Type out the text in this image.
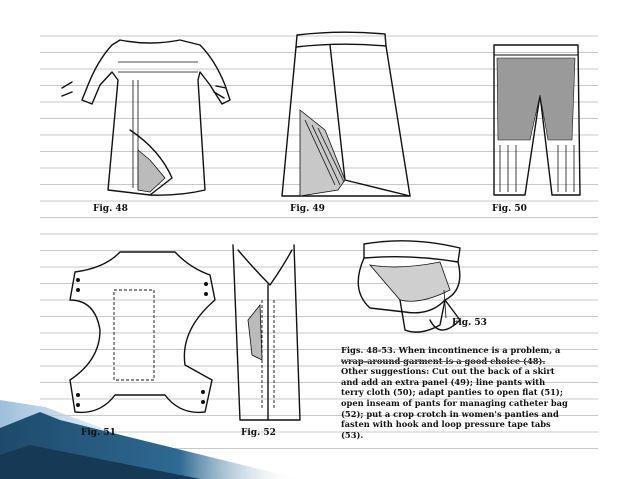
Fig. 48	Fig. 49	Fig. 50
Fig. 51	Fig. 52
Fig. 53
Figs. 48-53. When incontinence is a problem, a
wrap-around garment is a good choice (48).
Other suggestions: Cut out the back of a skirt
and add an extra panel (49); line pants with
terry cloth (50); adapt panties to open flat (51);
open inseam of pants for managing catheter bag
(52); put a crop crotch in women's panties and
fasten with hook and loop pressure tape tabs
(53).
